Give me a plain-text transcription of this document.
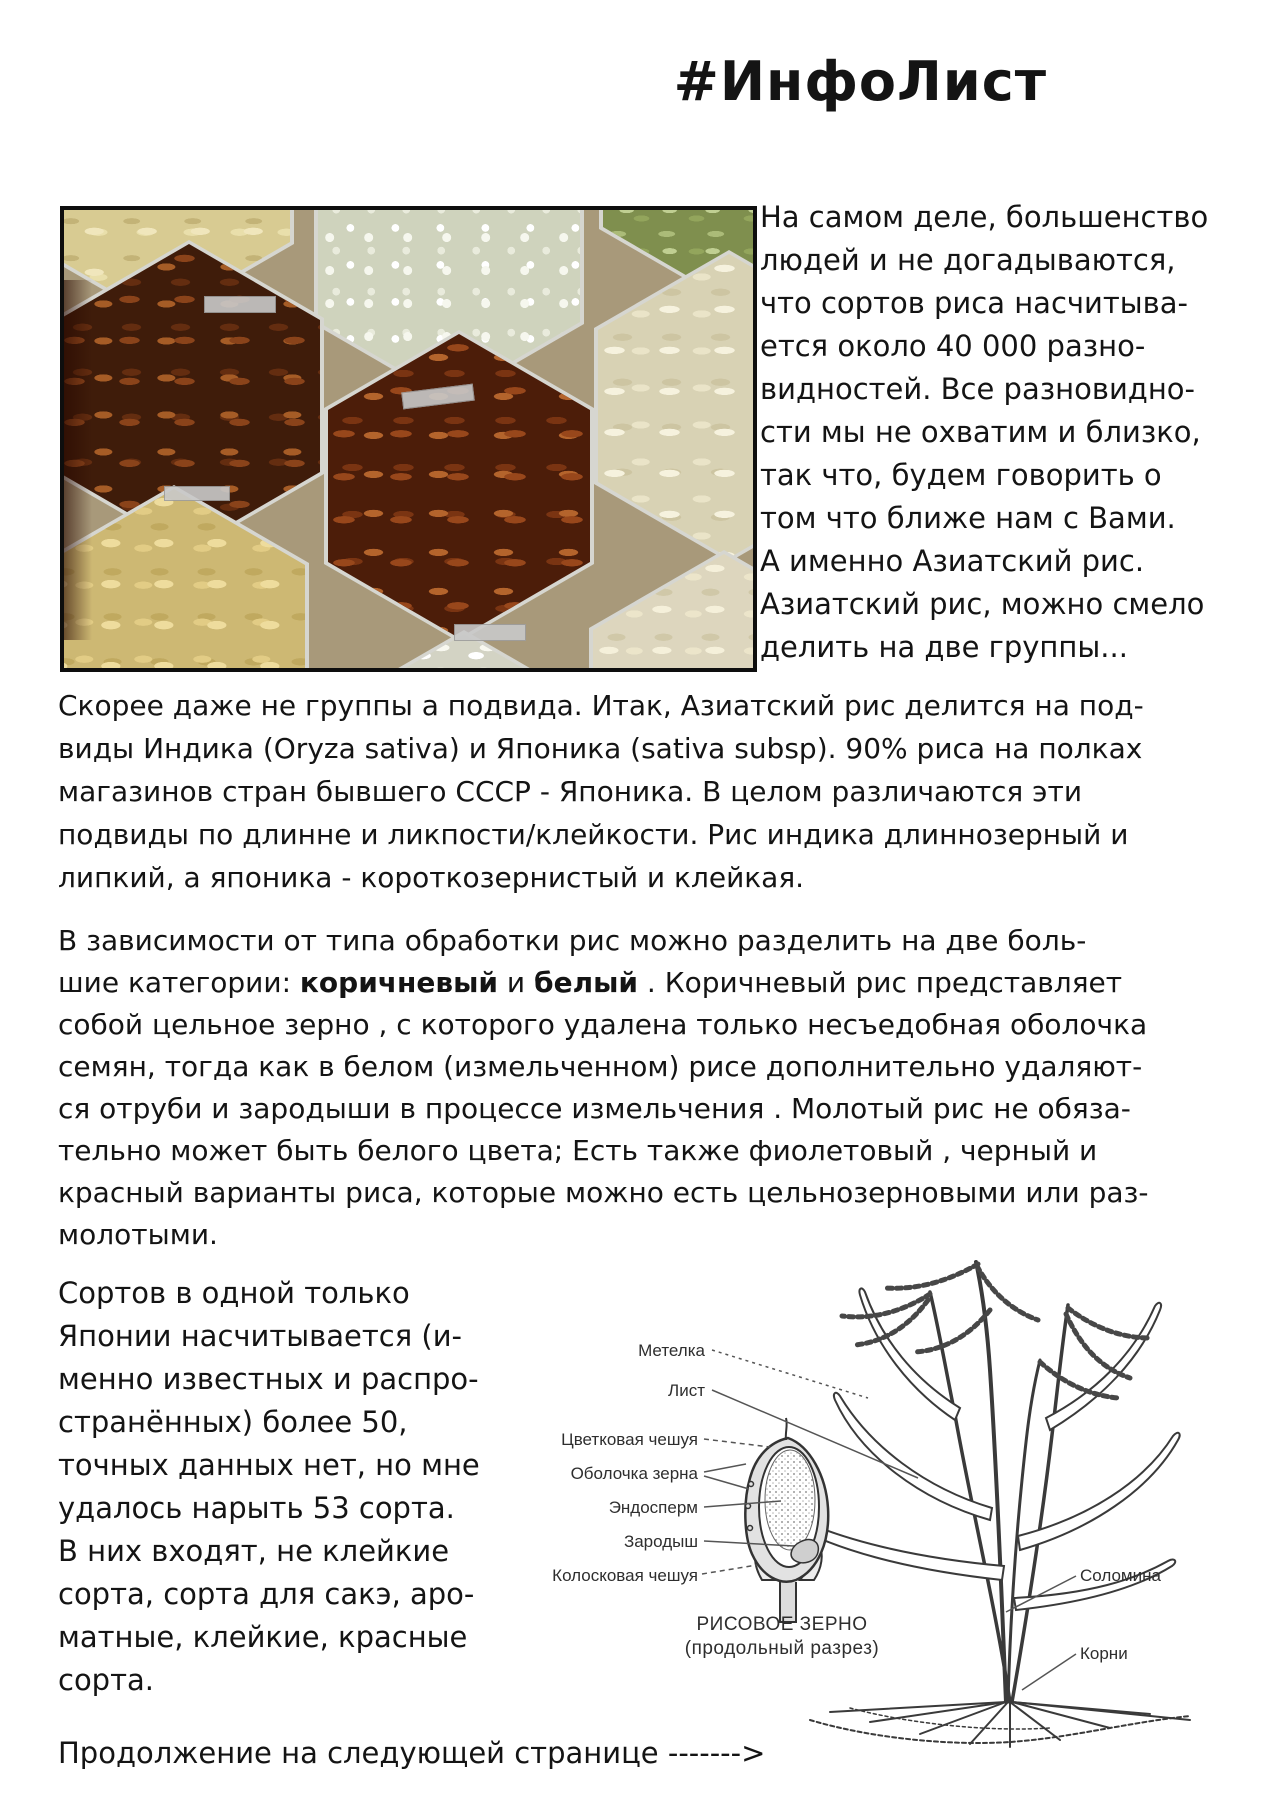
#ИнфоЛист
На самом деле, большенство
людей и не догадываются,
что сортов риса насчитыва-
ется около 40 000 разно-
видностей. Все разновидно-
сти мы не охватим и близко,
так что, будем говорить о
том что ближе нам с Вами.
А именно Азиатский рис.
Азиатский рис, можно смело
делить на две группы...
Скорее даже не группы а подвида. Итак, Азиатский рис делится на под-
виды Индика (Oryza sativa) и Японика (sativa subsp). 90% риса на полках
магазинов стран бывшего СССР - Японика. В целом различаются эти
подвиды по длинне и ликпости/клейкости. Рис индика длиннозерный и
липкий, а японика - короткозернистый и клейкая.
В зависимости от типа обработки рис можно разделить на две боль-
шие категории: коричневый и белый . Коричневый рис представляет
собой цельное зерно , с которого удалена только несъедобная оболочка
семян, тогда как в белом (измельченном) рисе дополнительно удаляют-
ся отруби и зародыши в процессе измельчения . Молотый рис не обяза-
тельно может быть белого цвета; Есть также фиолетовый , черный и
красный варианты риса, которые можно есть цельнозерновыми или раз-
молотыми.
Сортов в одной только
Японии насчитывается (и-
менно известных и распро-
странённых) более 50,
точных данных нет, но мне
удалось нарыть 53 сорта.
В них входят, не клейкие
сорта, сорта для сакэ, аро-
матные, клейкие, красные
сорта.
Метелка
Лист
Цветковая чешуя
Оболочка зерна
Эндосперм
Зародыш
Колосковая чешуя	Соломина
Корни
РИСОВОЕ ЗЕРНО
(продольный разрез)
Продолжение на следующей странице ------->
